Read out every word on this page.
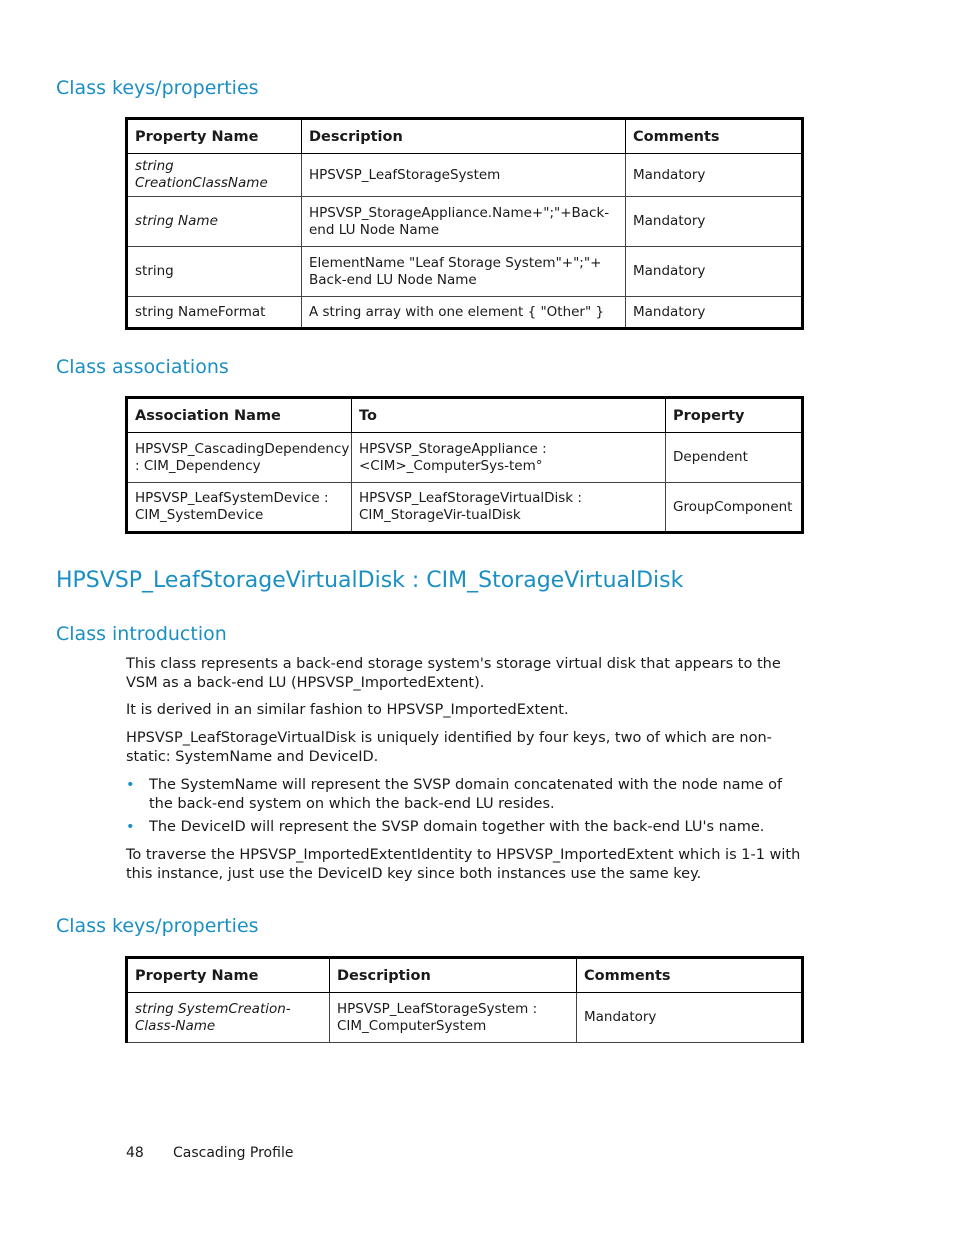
Class keys/properties
Property Name	Description	Comments
string CreationClassName	HPSVSP_LeafStorageSystem	Mandatory
string Name	HPSVSP_StorageAppliance.Name+";"+Back-end LU Node Name	Mandatory
string	ElementName "Leaf Storage System"+";"+ Back-end LU Node Name	Mandatory
string NameFormat	A string array with one element { "Other" }	Mandatory
Class associations
Association Name	To	Property
HPSVSP_CascadingDependency : CIM_Dependency	HPSVSP_StorageAppliance : <CIM>_ComputerSys-tem°	Dependent
HPSVSP_LeafSystemDevice : CIM_SystemDevice	HPSVSP_LeafStorageVirtualDisk : CIM_StorageVir-tualDisk	GroupComponent
HPSVSP_LeafStorageVirtualDisk : CIM_StorageVirtualDisk
Class introduction

This class represents a back-end storage system's storage virtual disk that appears to the VSM as a back-end LU (HPSVSP_ImportedExtent).

It is derived in an similar fashion to HPSVSP_ImportedExtent.

HPSVSP_LeafStorageVirtualDisk is uniquely identified by four keys, two of which are non-static: SystemName and DeviceID.

• The SystemName will represent the SVSP domain concatenated with the node name of the back-end system on which the back-end LU resides.
• The DeviceID will represent the SVSP domain together with the back-end LU's name.

To traverse the HPSVSP_ImportedExtentIdentity to HPSVSP_ImportedExtent which is 1-1 with this instance, just use the DeviceID key since both instances use the same key.

Class keys/properties
Property Name	Description	Comments
string SystemCreation-Class-Name	HPSVSP_LeafStorageSystem : CIM_ComputerSystem	Mandatory
48 Cascading Profile
